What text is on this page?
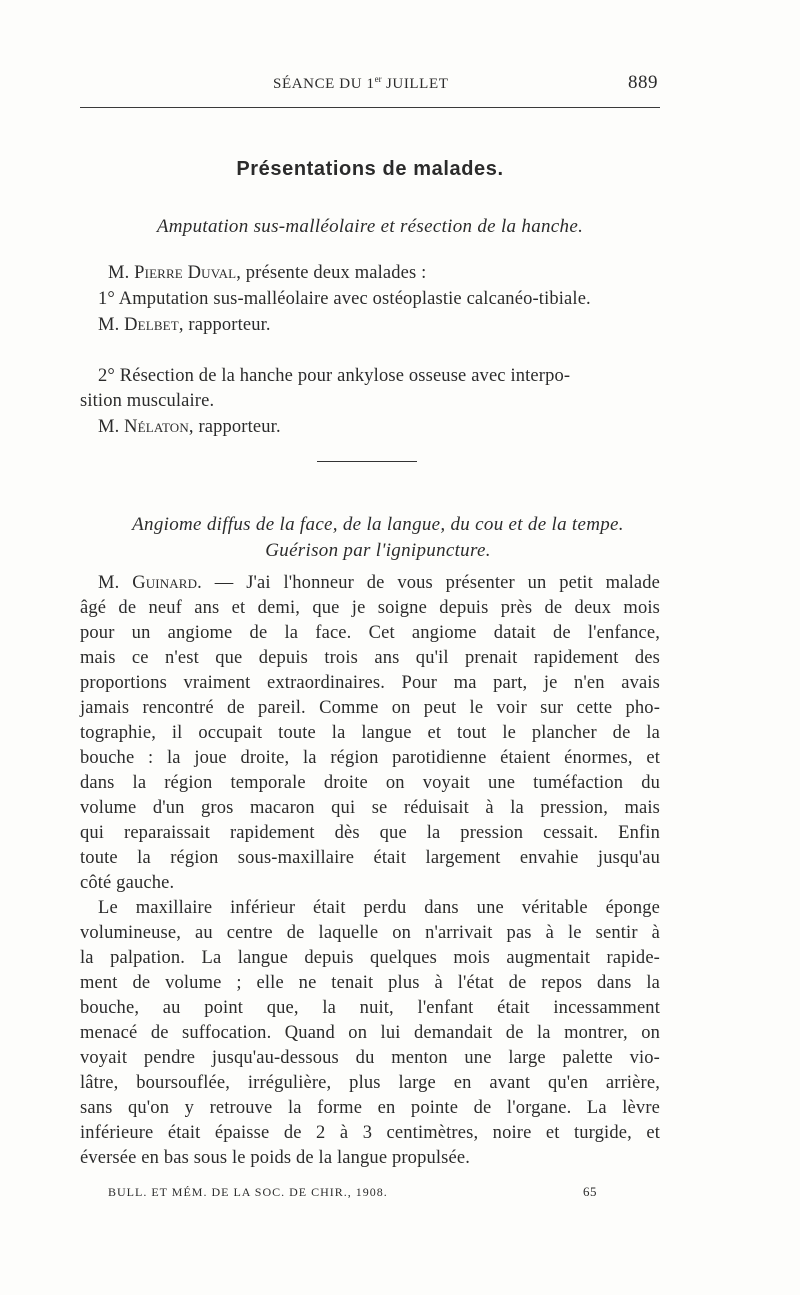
SÉANCE DU 1er JUILLET	889
Présentations de malades.
Amputation sus-malléolaire et résection de la hanche.
M. Pierre Duval, présente deux malades :
1° Amputation sus-malléolaire avec ostéoplastie calcanéo-tibiale.
M. Delbet, rapporteur.
2° Résection de la hanche pour ankylose osseuse avec interpo-
sition musculaire.
M. Nélaton, rapporteur.
Angiome diffus de la face, de la langue, du cou et de la tempe.
Guérison par l'ignipuncture.
M. Guinard. — J'ai l'honneur de vous présenter un petit malade
âgé de neuf ans et demi, que je soigne depuis près de deux mois
pour un angiome de la face. Cet angiome datait de l'enfance,
mais ce n'est que depuis trois ans qu'il prenait rapidement des
proportions vraiment extraordinaires. Pour ma part, je n'en avais
jamais rencontré de pareil. Comme on peut le voir sur cette pho-
tographie, il occupait toute la langue et tout le plancher de la
bouche : la joue droite, la région parotidienne étaient énormes, et
dans la région temporale droite on voyait une tuméfaction du
volume d'un gros macaron qui se réduisait à la pression, mais
qui reparaissait rapidement dès que la pression cessait. Enfin
toute la région sous-maxillaire était largement envahie jusqu'au
côté gauche.
Le maxillaire inférieur était perdu dans une véritable éponge
volumineuse, au centre de laquelle on n'arrivait pas à le sentir à
la palpation. La langue depuis quelques mois augmentait rapide-
ment de volume ; elle ne tenait plus à l'état de repos dans la
bouche, au point que, la nuit, l'enfant était incessamment
menacé de suffocation. Quand on lui demandait de la montrer, on
voyait pendre jusqu'au-dessous du menton une large palette vio-
lâtre, boursouflée, irrégulière, plus large en avant qu'en arrière,
sans qu'on y retrouve la forme en pointe de l'organe. La lèvre
inférieure était épaisse de 2 à 3 centimètres, noire et turgide, et
éversée en bas sous le poids de la langue propulsée.
BULL. ET MÉM. DE LA SOC. DE CHIR., 1908.	65
